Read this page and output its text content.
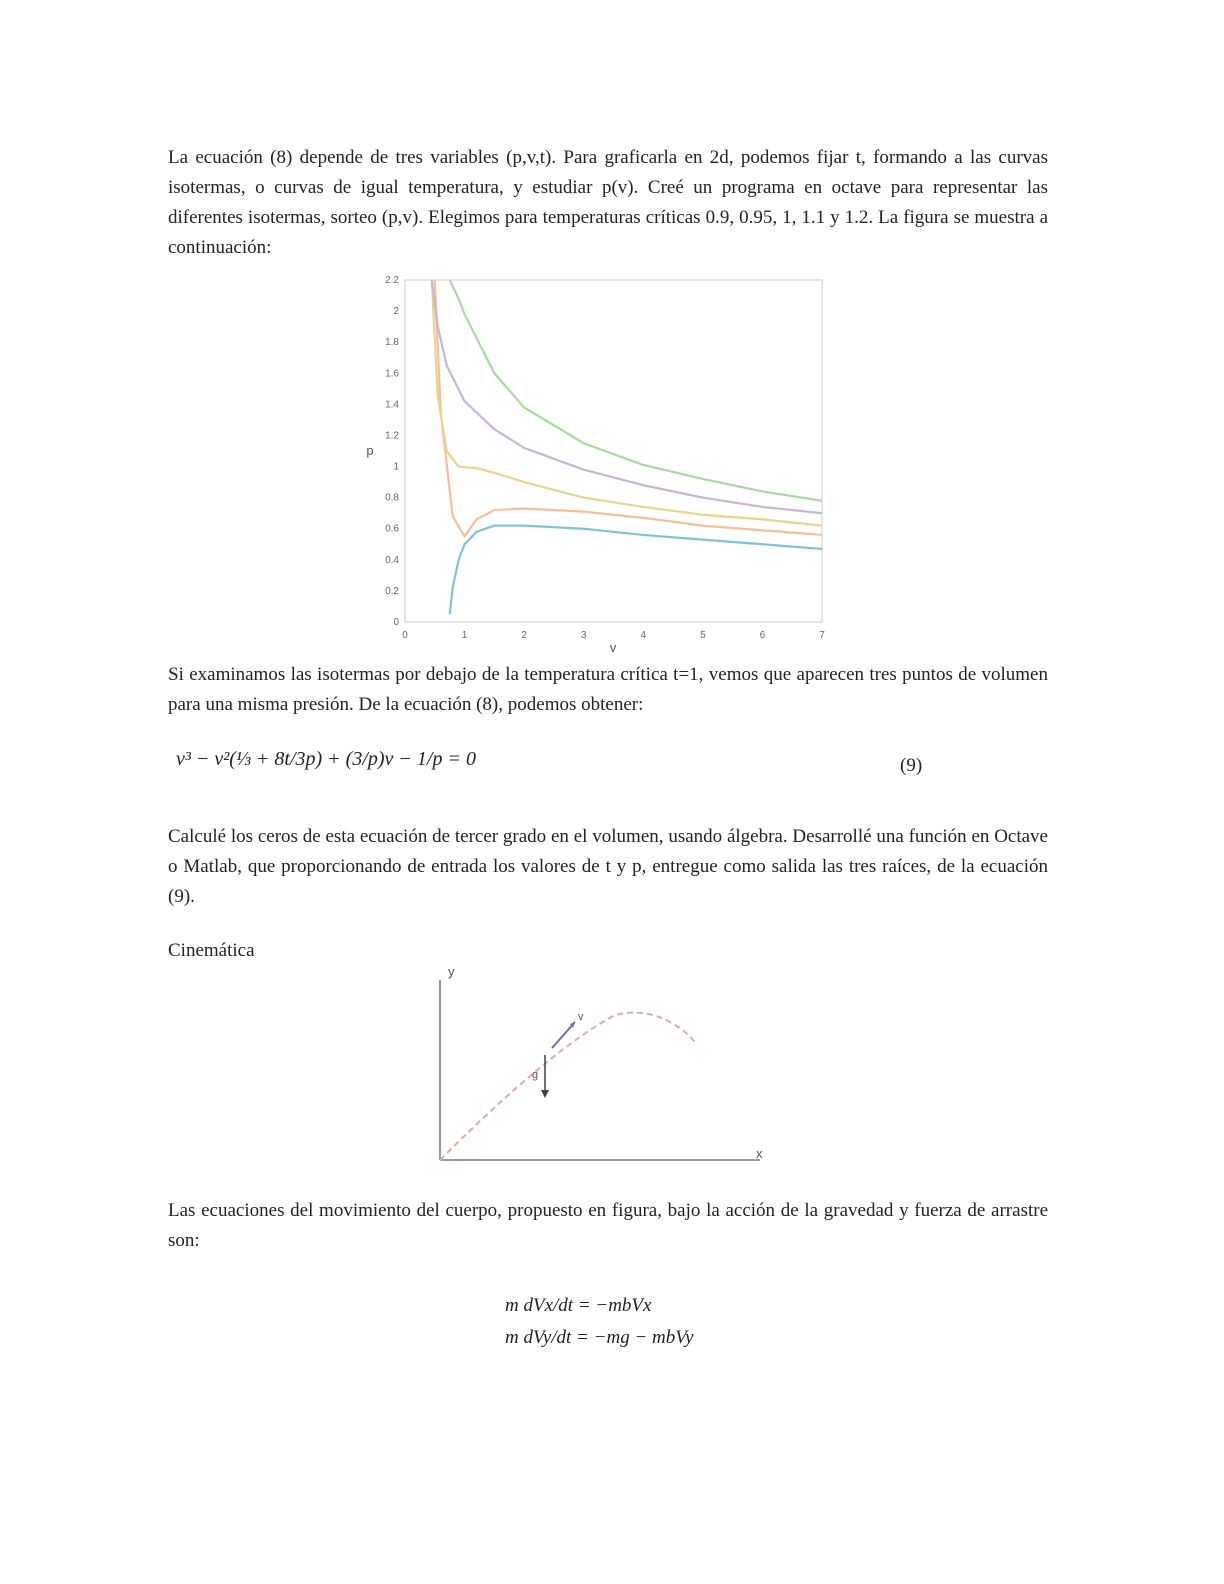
La ecuación (8) depende de tres variables (p,v,t). Para graficarla en 2d, podemos fijar t, formando a las curvas isotermas, o curvas de igual temperatura, y estudiar p(v). Creé un programa en octave para representar las diferentes isotermas, sorteo (p,v). Elegimos para temperaturas críticas 0.9, 0.95, 1, 1.1 y 1.2. La figura se muestra a continuación:

0	1	2	3	4	5	6	7
0
0.2
0.4
0.6
0.8
1
1.2
1.4
1.6
1.8
2
2.2
v
p

Si examinamos las isotermas por debajo de la temperatura crítica t=1, vemos que aparecen tres puntos de volumen para una misma presión. De la ecuación (8), podemos obtener:

v³ − v²(⅓ + 8t/3p) + (3/p)v − 1/p = 0	(9)

Calculé los ceros de esta ecuación de tercer grado en el volumen, usando álgebra. Desarrollé una función en Octave o Matlab, que proporcionando de entrada los valores de t y p, entregue como salida las tres raíces, de la ecuación (9).

Cinemática

y
x
v
g

Las ecuaciones del movimiento del cuerpo, propuesto en figura, bajo la acción de la gravedad y fuerza de arrastre son:

m dVx/dt = −mbVx
m dVy/dt = −mg − mbVy
